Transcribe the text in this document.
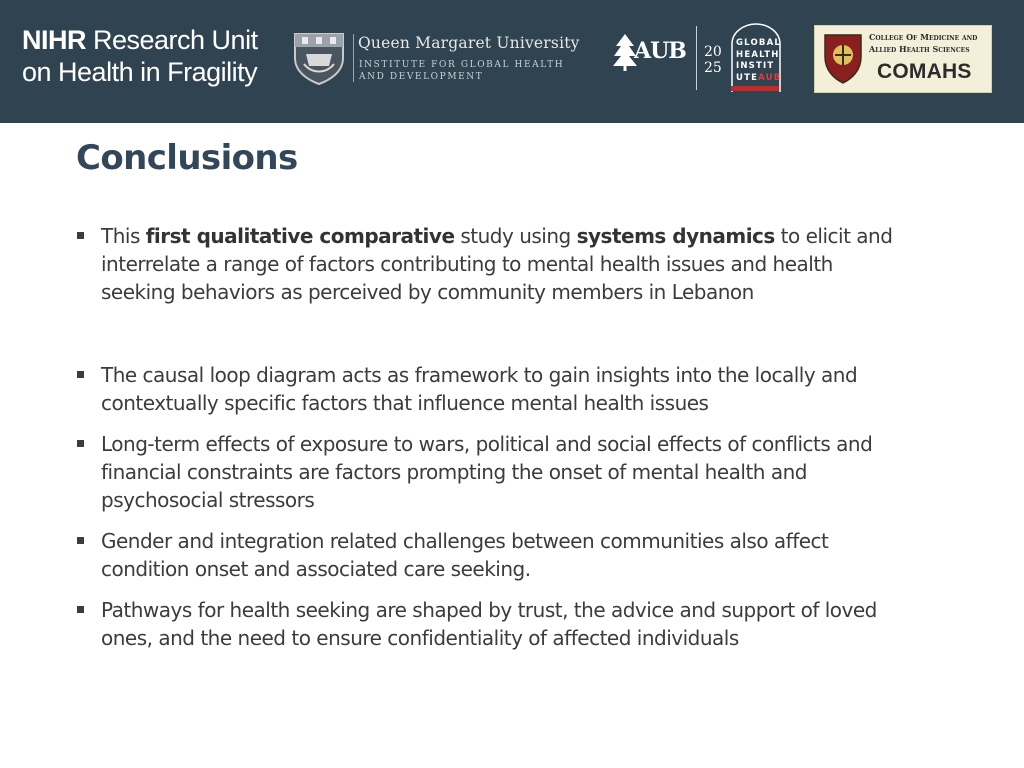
NIHR Research Unit
on Health in Fragility
Queen Margaret University
INSTITUTE FOR GLOBAL HEALTH
AND DEVELOPMENT
AUB 20
25
GLOBAL
HEALTH
INSTIT
UTEAUB
College Of Medicine and
Allied Health Sciences
COMAHS
Conclusions
This first qualitative comparative study using systems dynamics to elicit and interrelate a range of factors contributing to mental health issues and health seeking behaviors as perceived by community members in Lebanon
The causal loop diagram acts as framework to gain insights into the locally and contextually specific factors that influence mental health issues
Long-term effects of exposure to wars, political and social effects of conflicts and financial constraints are factors prompting the onset of mental health and psychosocial stressors
Gender and integration related challenges between communities also affect condition onset and associated care seeking.
Pathways for health seeking are shaped by trust, the advice and support of loved ones, and the need to ensure confidentiality of affected individuals
